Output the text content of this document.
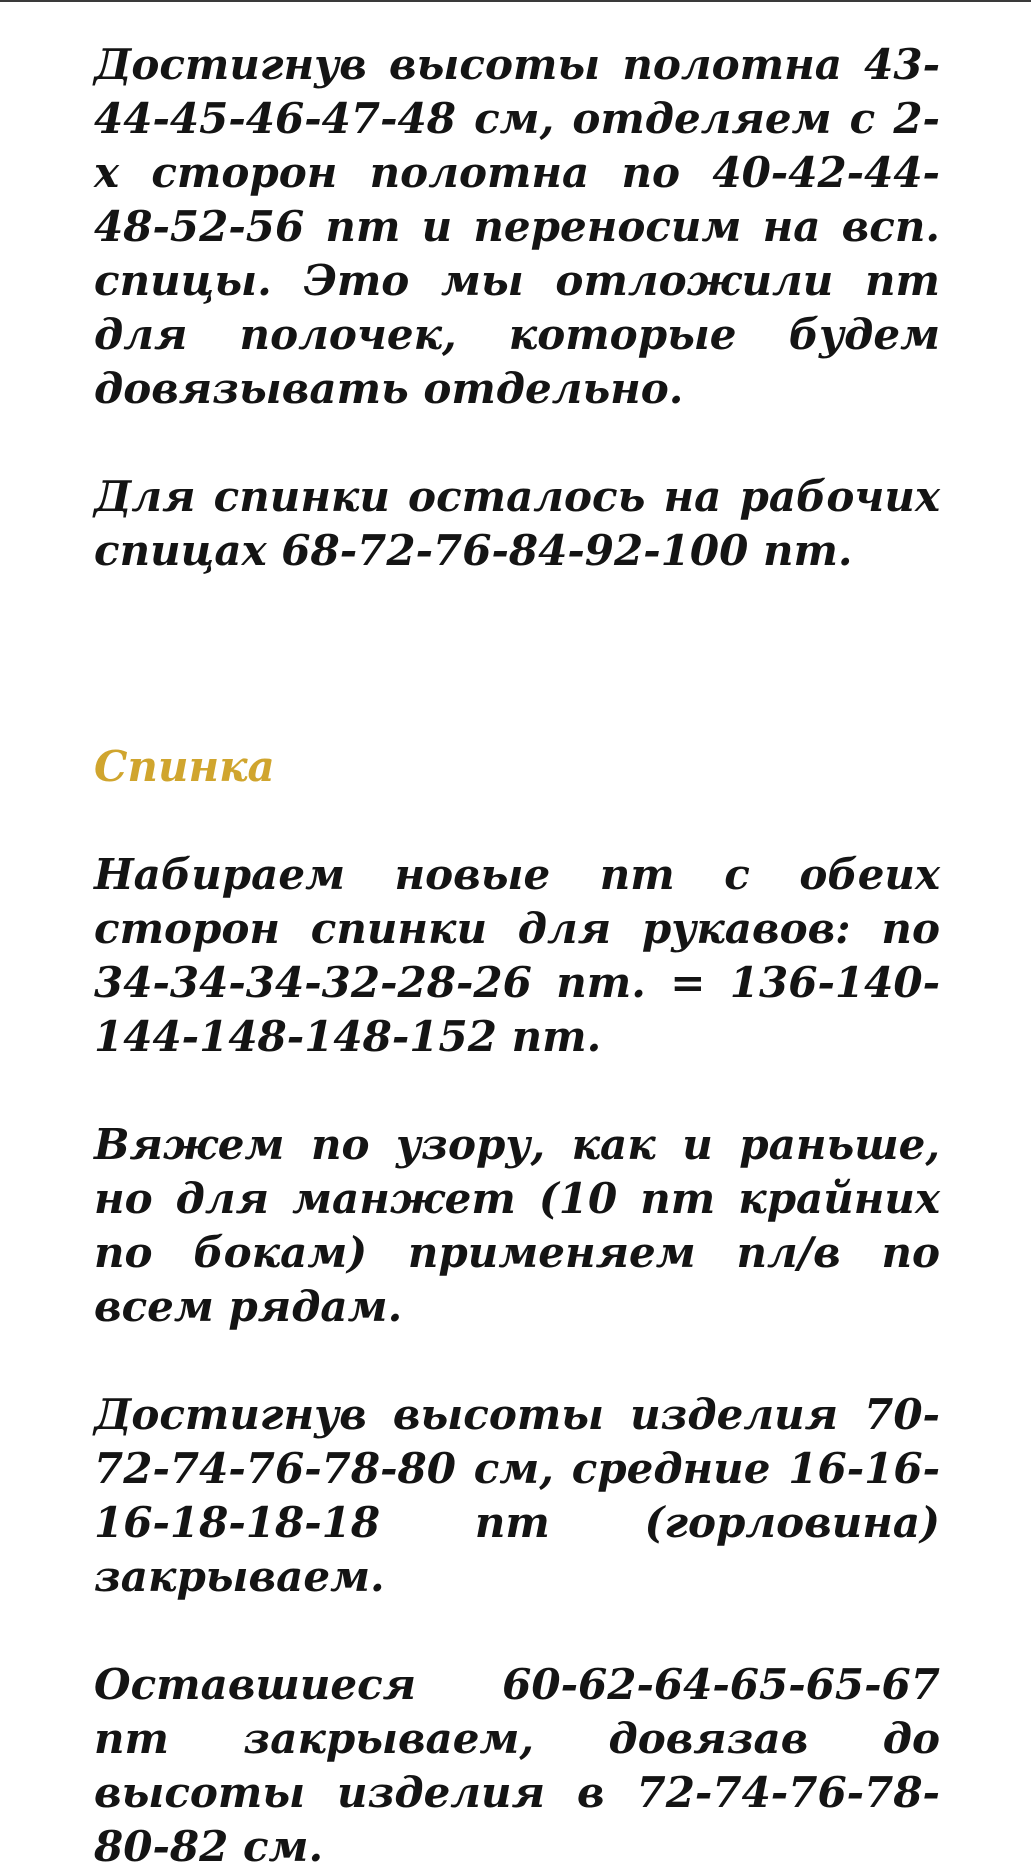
Достигнув высоты полотна 43-44-45-46-47-48 см, отделяем с 2-х сторон полотна по 40-42-44-48-52-56 пт и переносим на всп. спицы. Это мы отложили пт для полочек, которые будем довязывать отдельно.

Для спинки осталось на рабочих спицах 68-72-76-84-92-100 пт.

Спинка

Набираем новые пт с обеих сторон спинки для рукавов: по 34-34-34-32-28-26 пт. = 136-140-144-148-148-152 пт.

Вяжем по узору, как и раньше, но для манжет (10 пт крайних по бокам) применяем пл/в по всем рядам.

Достигнув высоты изделия 70-72-74-76-78-80 см, средние 16-16-16-18-18-18 пт (горловина) закрываем.

Оставшиеся 60-62-64-65-65-67 пт закрываем, довязав до высоты изделия в 72-74-76-78-80-82 см.
